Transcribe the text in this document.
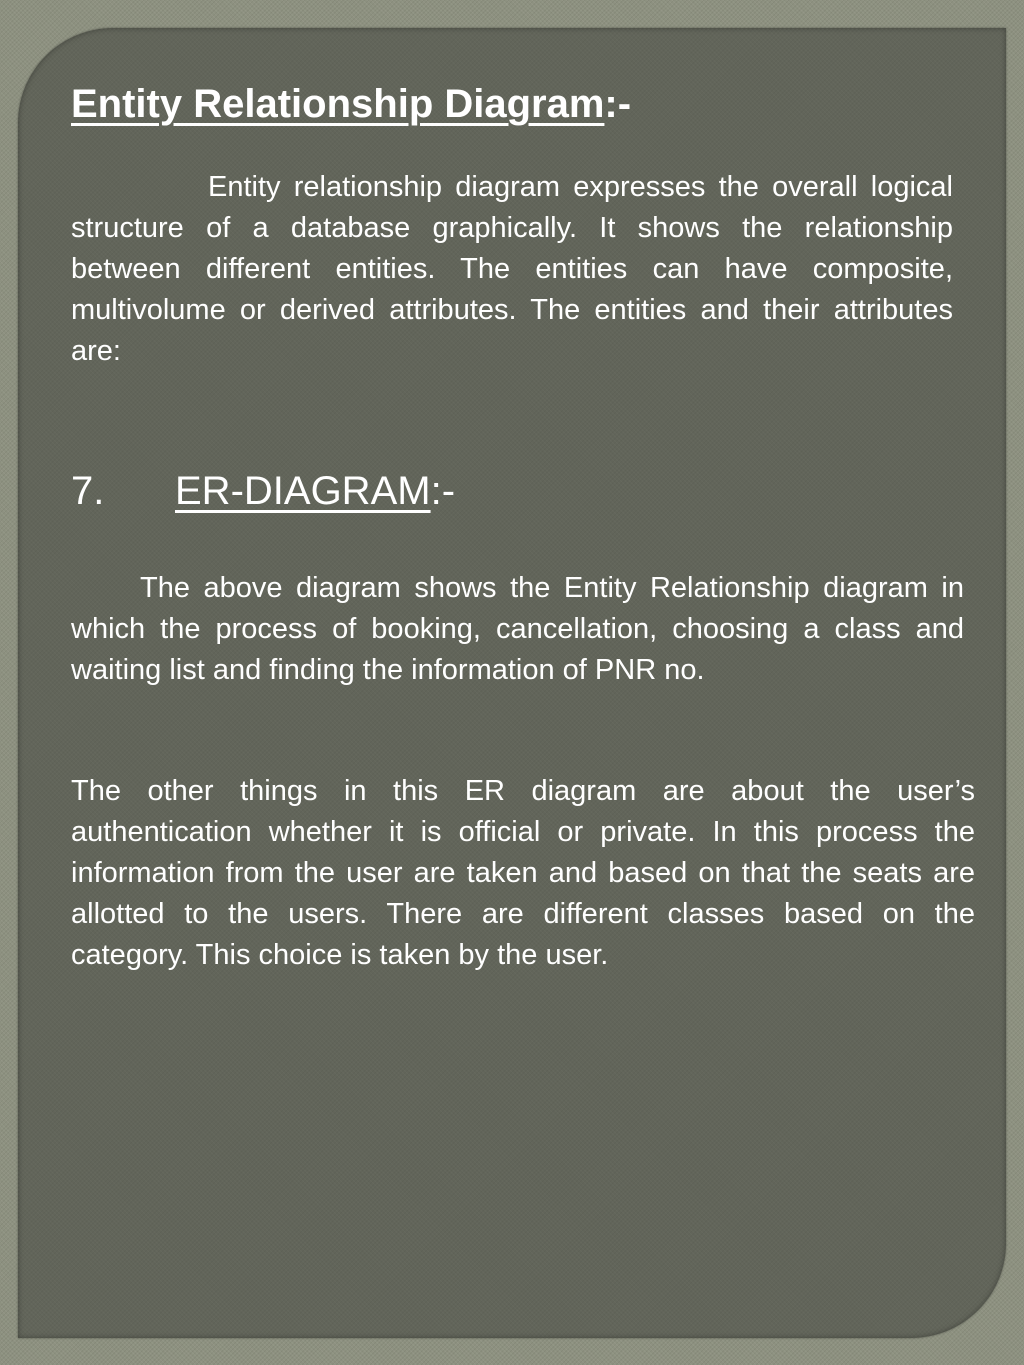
Entity Relationship Diagram:-

Entity relationship diagram expresses the overall logical structure of a database graphically. It shows the relationship between different entities. The entities can have composite, multivolume or derived attributes. The entities and their attributes are:

7. ER-DIAGRAM:-

The above diagram shows the Entity Relationship diagram in which the process of booking, cancellation, choosing a class and waiting list and finding the information of PNR no.

The other things in this ER diagram are about the user’s authentication whether it is official or private. In this process the information from the user are taken and based on that the seats are allotted to the users. There are different classes based on the category. This choice is taken by the user.
